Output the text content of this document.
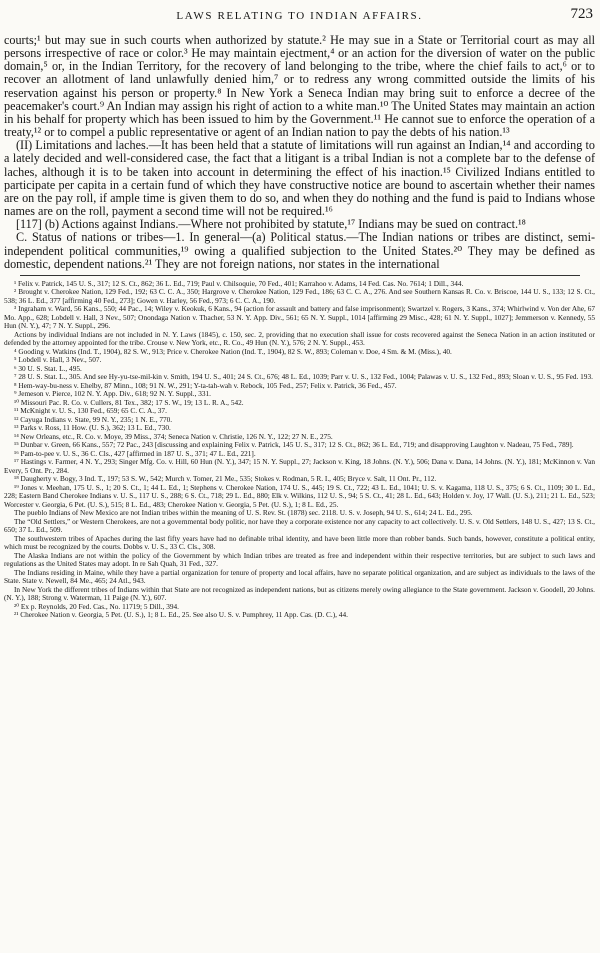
LAWS RELATING TO INDIAN AFFAIRS.	723

courts;¹ but may sue in such courts when authorized by statute.² He may sue in a State or Territorial court as may all persons irrespective of race or color.³ He may maintain ejectment,⁴ or an action for the diversion of water on the public domain,⁵ or, in the Indian Territory, for the recovery of land belonging to the tribe, where the chief fails to act,⁶ or to recover an allotment of land unlawfully denied him,⁷ or to redress any wrong committed outside the limits of his reservation against his person or property.⁸ In New York a Seneca Indian may bring suit to enforce a decree of the peacemaker's court.⁹ An Indian may assign his right of action to a white man.¹⁰ The United States may maintain an action in his behalf for property which has been issued to him by the Government.¹¹ He cannot sue to enforce the operation of a treaty,¹² or to compel a public representative or agent of an Indian nation to pay the debts of his nation.¹³

(II) Limitations and laches.—It has been held that a statute of limitations will run against an Indian,¹⁴ and according to a lately decided and well-considered case, the fact that a litigant is a tribal Indian is not a complete bar to the defense of laches, although it is to be taken into account in determining the effect of his inaction.¹⁵ Civilized Indians entitled to participate per capita in a certain fund of which they have constructive notice are bound to ascertain whether their names are on the pay roll, if ample time is given them to do so, and when they do nothing and the fund is paid to Indians whose names are on the roll, payment a second time will not be required.¹⁶

[117] (b) Actions against Indians.—Where not prohibited by statute,¹⁷ Indians may be sued on contract.¹⁸

C. Status of nations or tribes—1. In general—(a) Political status.—The Indian nations or tribes are distinct, semi-independent political communities,¹⁹ owing a qualified subjection to the United States.²⁰ They may be defined as domestic, dependent nations.²¹ They are not foreign nations, nor states in the international

¹ Felix v. Patrick, 145 U. S., 317; 12 S. Ct., 862; 36 L. Ed., 719; Paul v. Chilsoquie, 70 Fed., 401; Karrahoo v. Adams, 14 Fed. Cas. No. 7614; 1 Dill., 344.

² Brought v. Cherokee Nation, 129 Fed., 192; 63 C. C. A., 350; Hargrove v. Cherokee Nation, 129 Fed., 186; 63 C. C. A., 276. And see Southern Kansas R. Co. v. Briscoe, 144 U. S., 133; 12 S. Ct., 538; 36 L. Ed., 377 [affirming 40 Fed., 273]; Gowen v. Harley, 56 Fed., 973; 6 C. C. A., 190.

³ Ingraham v. Ward, 56 Kans., 550; 44 Pac., 14; Wiley v. Keokuk, 6 Kans., 94 (action for assault and battery and false imprisonment); Swartzel v. Rogers, 3 Kans., 374; Whirlwind v. Von der Ahe, 67 Mo. App., 628; Lobdell v. Hall, 3 Nev., 507; Onondaga Nation v. Thacher, 53 N. Y. App. Div., 561; 65 N. Y. Suppl., 1014 [affirming 29 Misc., 428; 61 N. Y. Suppl., 1027]; Jemmerson v. Kennedy, 55 Hun (N. Y.), 47; 7 N. Y. Suppl., 296.

Actions by individual Indians are not included in N. Y. Laws (1845), c. 150, sec. 2, providing that no execution shall issue for costs recovered against the Seneca Nation in an action instituted or defended by the attorney appointed for the tribe. Crouse v. New York, etc., R. Co., 49 Hun (N. Y.), 576; 2 N. Y. Suppl., 453.

⁴ Gooding v. Watkins (Ind. T., 1904), 82 S. W., 913; Price v. Cherokee Nation (Ind. T., 1904), 82 S. W., 893; Coleman v. Doe, 4 Sm. & M. (Miss.), 40.

⁵ Lobdell v. Hall, 3 Nev., 507.

⁶ 30 U. S. Stat. L., 495.

⁷ 28 U. S. Stat. L., 305. And see Hy-yu-tse-mil-kin v. Smith, 194 U. S., 401; 24 S. Ct., 676; 48 L. Ed., 1039; Parr v. U. S., 132 Fed., 1004; Palawas v. U. S., 132 Fed., 893; Sloan v. U. S., 95 Fed. 193.

⁸ Hem-way-bu-ness v. Ehelby, 87 Minn., 108; 91 N. W., 291; Y-ta-tah-wah v. Rebock, 105 Fed., 257; Felix v. Patrick, 36 Fed., 457.

⁹ Jemeson v. Pierce, 102 N. Y. App. Div., 618; 92 N. Y. Suppl., 331.

¹⁰ Missouri Pac. R. Co. v. Cullers, 81 Tex., 382; 17 S. W., 19; 13 L. R. A., 542.

¹¹ McKnight v. U. S., 130 Fed., 659; 65 C. C. A., 37.

¹² Cayuga Indians v. State, 99 N. Y., 235; 1 N. E., 770.

¹³ Parks v. Ross, 11 How. (U. S.), 362; 13 L. Ed., 730.

¹⁴ New Orleans, etc., R. Co. v. Moye, 39 Miss., 374; Seneca Nation v. Christie, 126 N. Y., 122; 27 N. E., 275.

¹⁵ Dunbar v. Green, 66 Kans., 557; 72 Pac., 243 [discussing and explaining Felix v. Patrick, 145 U. S., 317; 12 S. Ct., 862; 36 L. Ed., 719; and disapproving Laughton v. Nadeau, 75 Fed., 789].

¹⁶ Pam-to-pee v. U. S., 36 C. Cls., 427 [affirmed in 187 U. S., 371; 47 L. Ed., 221].

¹⁷ Hastings v. Farmer, 4 N. Y., 293; Singer Mfg. Co. v. Hill, 60 Hun (N. Y.), 347; 15 N. Y. Suppl., 27; Jackson v. King, 18 Johns. (N. Y.), 506; Dana v. Dana, 14 Johns. (N. Y.), 181; McKinnon v. Van Every, 5 Ont. Pr., 284.

¹⁸ Daugherty v. Bogy, 3 Ind. T., 197; 53 S. W., 542; Murch v. Tomer, 21 Me., 535; Stokes v. Rodman, 5 R. I., 405; Bryce v. Salt, 11 Ont. Pr., 112.

¹⁹ Jones v. Meehan, 175 U. S., 1; 20 S. Ct., 1; 44 L. Ed., 1; Stephens v. Cherokee Nation, 174 U. S., 445; 19 S. Ct., 722; 43 L. Ed., 1041; U. S. v. Kagama, 118 U. S., 375; 6 S. Ct., 1109; 30 L. Ed., 228; Eastern Band Cherokee Indians v. U. S., 117 U. S., 288; 6 S. Ct., 718; 29 L. Ed., 880; Elk v. Wilkins, 112 U. S., 94; 5 S. Ct., 41; 28 L. Ed., 643; Holden v. Joy, 17 Wall. (U. S.), 211; 21 L. Ed., 523; Worcester v. Georgia, 6 Pet. (U. S.), 515; 8 L. Ed., 483; Cherokee Nation v. Georgia, 5 Pet. (U. S.), 1; 8 L. Ed., 25.

The pueblo Indians of New Mexico are not Indian tribes within the meaning of U. S. Rev. St. (1878) sec. 2118. U. S. v. Joseph, 94 U. S., 614; 24 L. Ed., 295.

The “Old Settlers,” or Western Cherokees, are not a governmental body politic, nor have they a corporate existence nor any capacity to act collectively. U. S. v. Old Settlers, 148 U. S., 427; 13 S. Ct., 650; 37 L. Ed., 509.

The southwestern tribes of Apaches during the last fifty years have had no definable tribal identity, and have been little more than robber bands. Such bands, however, constitute a political entity, which must be recognized by the courts. Dobbs v. U. S., 33 C. Cls., 308.

The Alaska Indians are not within the policy of the Government by which Indian tribes are treated as free and independent within their respective territories, but are subject to such laws and regulations as the United States may adopt. In re Sah Quah, 31 Fed., 327.

The Indians residing in Maine, while they have a partial organization for tenure of property and local affairs, have no separate political organization, and are subject as individuals to the laws of the State. State v. Newell, 84 Me., 465; 24 Atl., 943.

In New York the different tribes of Indians within that State are not recognized as independent nations, but as citizens merely owing allegiance to the State government. Jackson v. Goodell, 20 Johns. (N. Y.), 188; Strong v. Waterman, 11 Paige (N. Y.), 607.

²⁰ Ex p. Reynolds, 20 Fed. Cas., No. 11719; 5 Dill., 394.

²¹ Cherokee Nation v. Georgia, 5 Pet. (U. S.), 1; 8 L. Ed., 25. See also U. S. v. Pumphrey, 11 App. Cas. (D. C.), 44.
